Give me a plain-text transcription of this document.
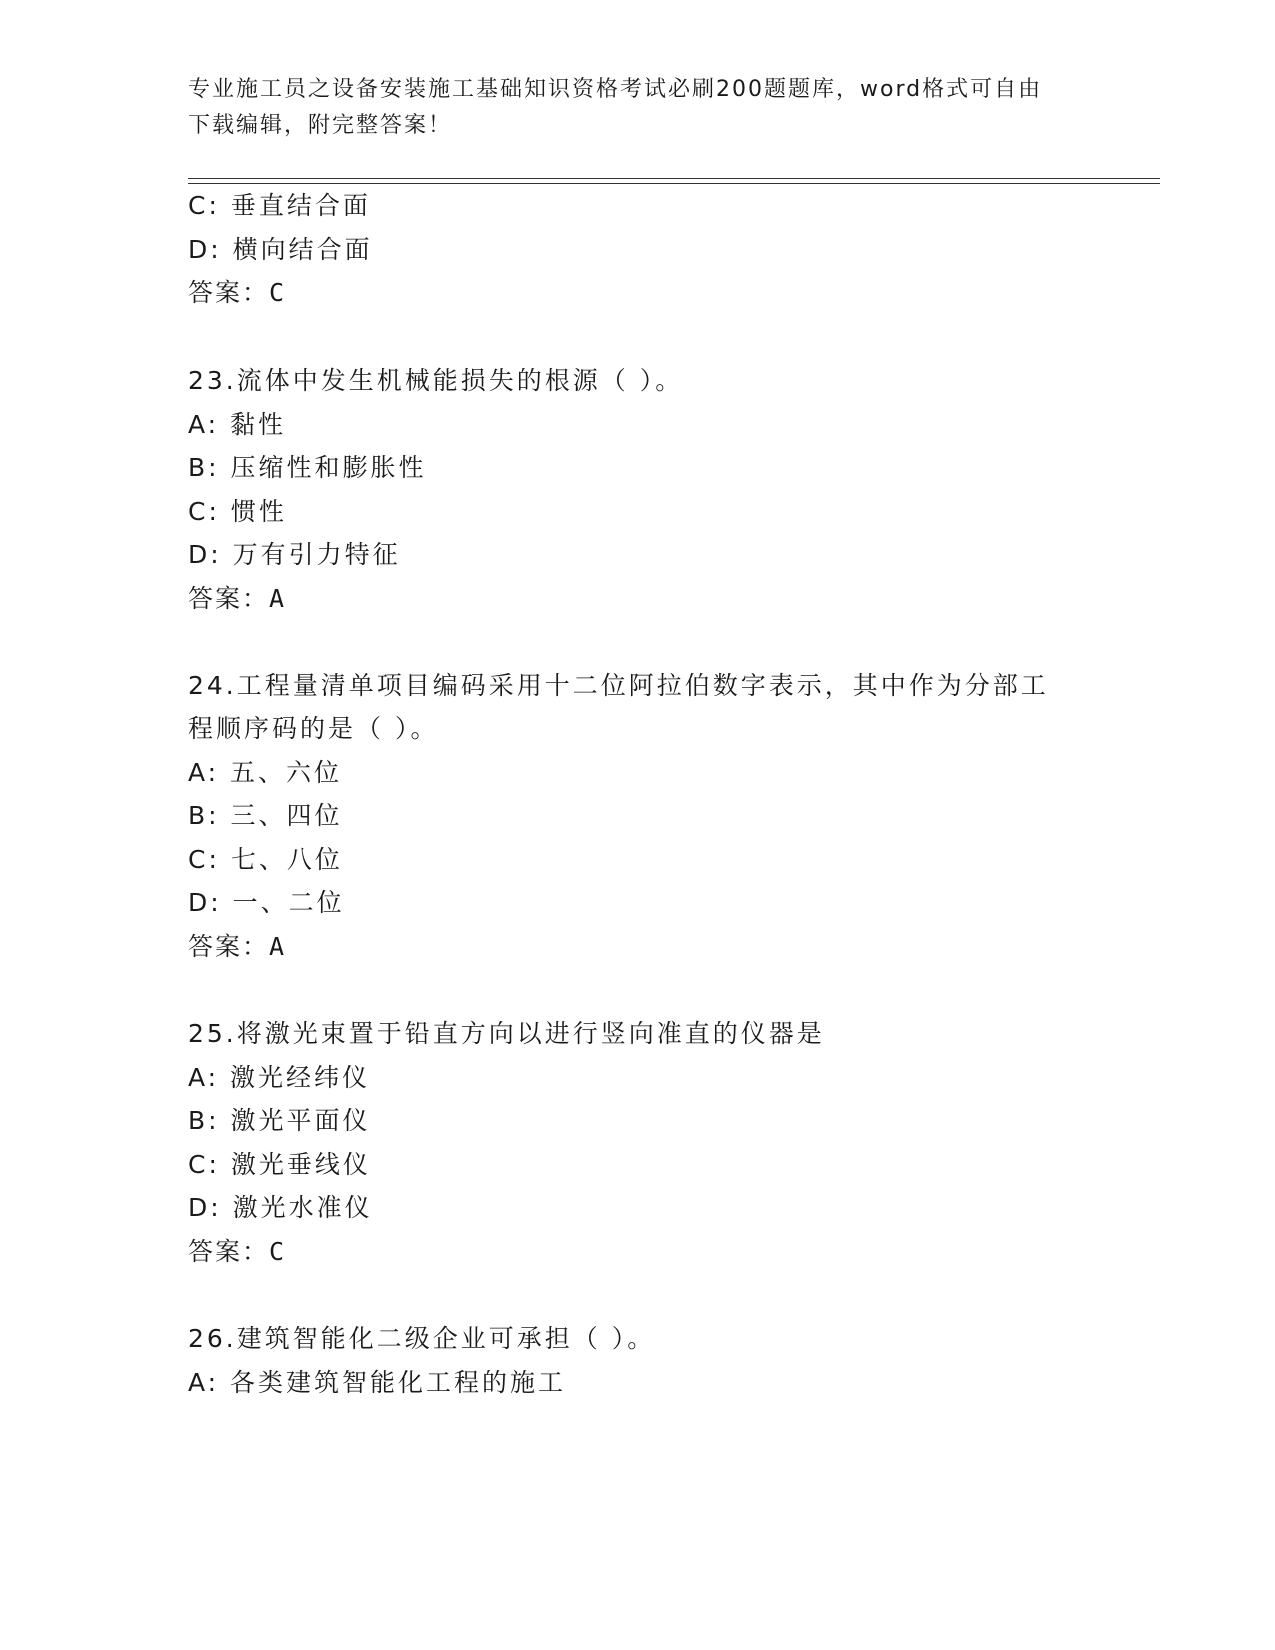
专业施工员之设备安装施工基础知识资格考试必刷200题题库，word格式可自由
下载编辑，附完整答案！
C: 垂直结合面
D: 横向结合面
答案：C
23.流体中发生机械能损失的根源（ ）。
A: 黏性
B: 压缩性和膨胀性
C: 惯性
D: 万有引力特征
答案：A
24.工程量清单项目编码采用十二位阿拉伯数字表示，其中作为分部工
程顺序码的是（ ）。
A: 五、六位
B: 三、四位
C: 七、八位
D: 一、二位
答案：A
25.将激光束置于铅直方向以进行竖向准直的仪器是
A: 激光经纬仪
B: 激光平面仪
C: 激光垂线仪
D: 激光水准仪
答案：C
26.建筑智能化二级企业可承担（ ）。
A: 各类建筑智能化工程的施工
